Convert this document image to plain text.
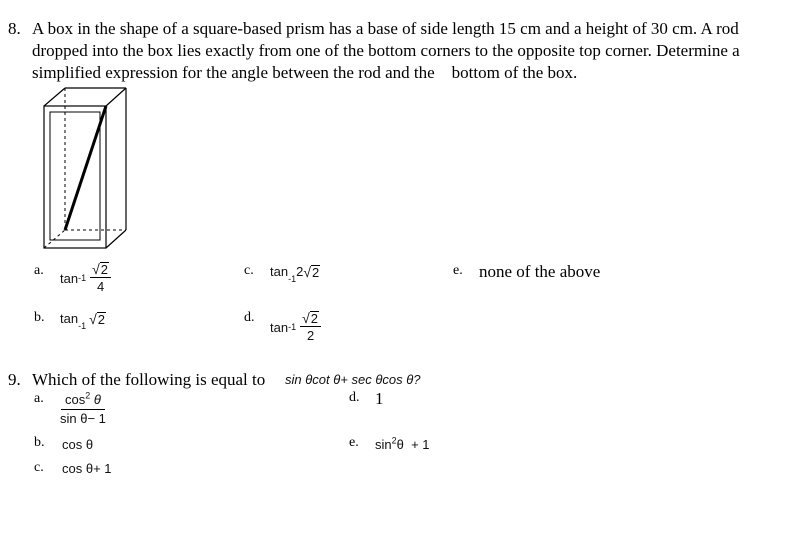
8. A box in the shape of a square-based prism has a base of side length 15 cm and a height of 30 cm. A rod
dropped into the box lies exactly from one of the bottom corners to the opposite top corner. Determine a
simplified expression for the angle between the rod and the    bottom of the box.
a. $\tan -1 \frac{√ 2}{4}$
b. tan -1 √ 2
c. tan -1 2 √ 2
d.
$\tan -1 \frac{√ 2}{2}$
e. none of the above
9. Which of the following is equal to sin θcot θ+ sec θcos θ?
a. $\frac{\cos^2 \theta}{\text{sin θ− 1}}$
b. cos θ
c. cos θ+ 1
d. 1
e. $\sin^2\theta + 1$
